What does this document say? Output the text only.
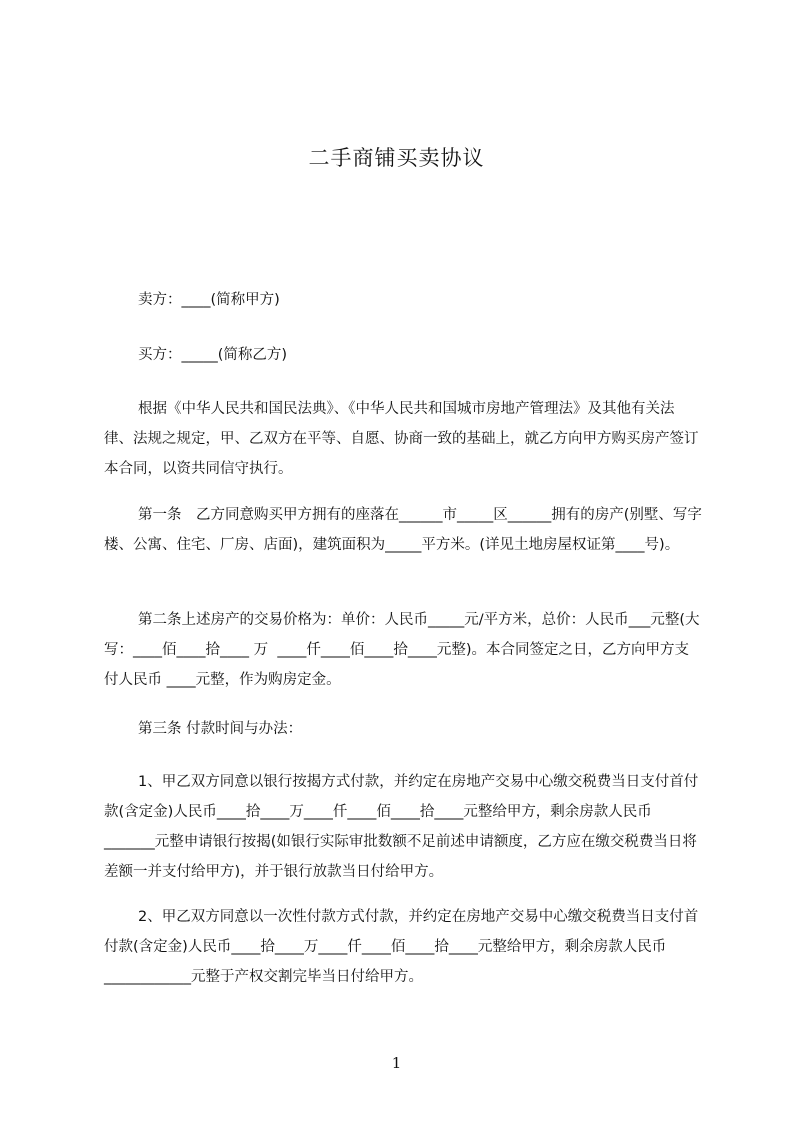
二手商铺买卖协议
卖方：____(简称甲方)
买方：_____(简称乙方)
根据《中华人民共和国民法典》、《中华人民共和国城市房地产管理法》及其他有关法律、法规之规定，甲、乙双方在平等、自愿、协商一致的基础上，就乙方向甲方购买房产签订本合同，以资共同信守执行。
第一条　乙方同意购买甲方拥有的座落在______市_____区______拥有的房产(别墅、写字楼、公寓、住宅、厂房、店面)，建筑面积为_____平方米。(详见土地房屋权证第____号)。
第二条上述房产的交易价格为：单价：人民币_____元/平方米，总价：人民币___元整(大写：____佰____拾____ 万  ____仟____佰____拾____元整)。本合同签定之日，乙方向甲方支付人民币 ____元整，作为购房定金。
第三条 付款时间与办法：
1、甲乙双方同意以银行按揭方式付款，并约定在房地产交易中心缴交税费当日支付首付款(含定金)人民币____拾____万____仟____佰____拾____元整给甲方，剩余房款人民币_______元整申请银行按揭(如银行实际审批数额不足前述申请额度，乙方应在缴交税费当日将差额一并支付给甲方)，并于银行放款当日付给甲方。
2、甲乙双方同意以一次性付款方式付款，并约定在房地产交易中心缴交税费当日支付首付款(含定金)人民币____拾____万____仟____佰____拾____元整给甲方，剩余房款人民币____________元整于产权交割完毕当日付给甲方。
1
